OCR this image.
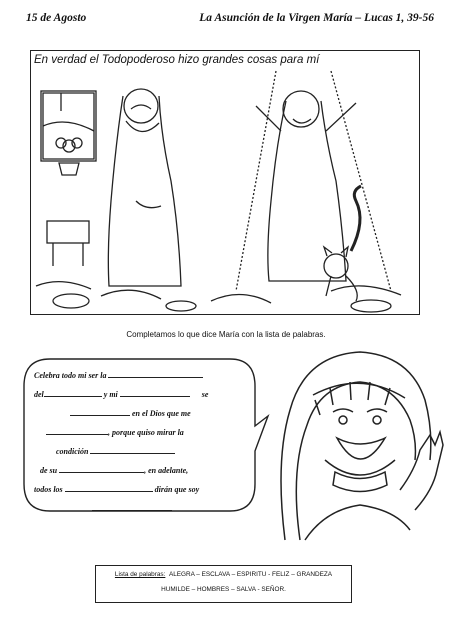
15 de Agosto	La Asunción de la Virgen María – Lucas 1, 39-56
En verdad el Todopoderoso hizo grandes cosas para mí
Completamos lo que dice María con la lista de palabras.
Celebra todo mi ser la
del	y mi	se
en el Dios que me
, porque quiso mirar la
condición
de su	, en adelante,
todos los	dirán que soy
Lista de palabras: ALEGRA – ESCLAVA – ESPIRITU - FELIZ – GRANDEZA
HUMILDE – HOMBRES – SALVA - SEÑOR.
